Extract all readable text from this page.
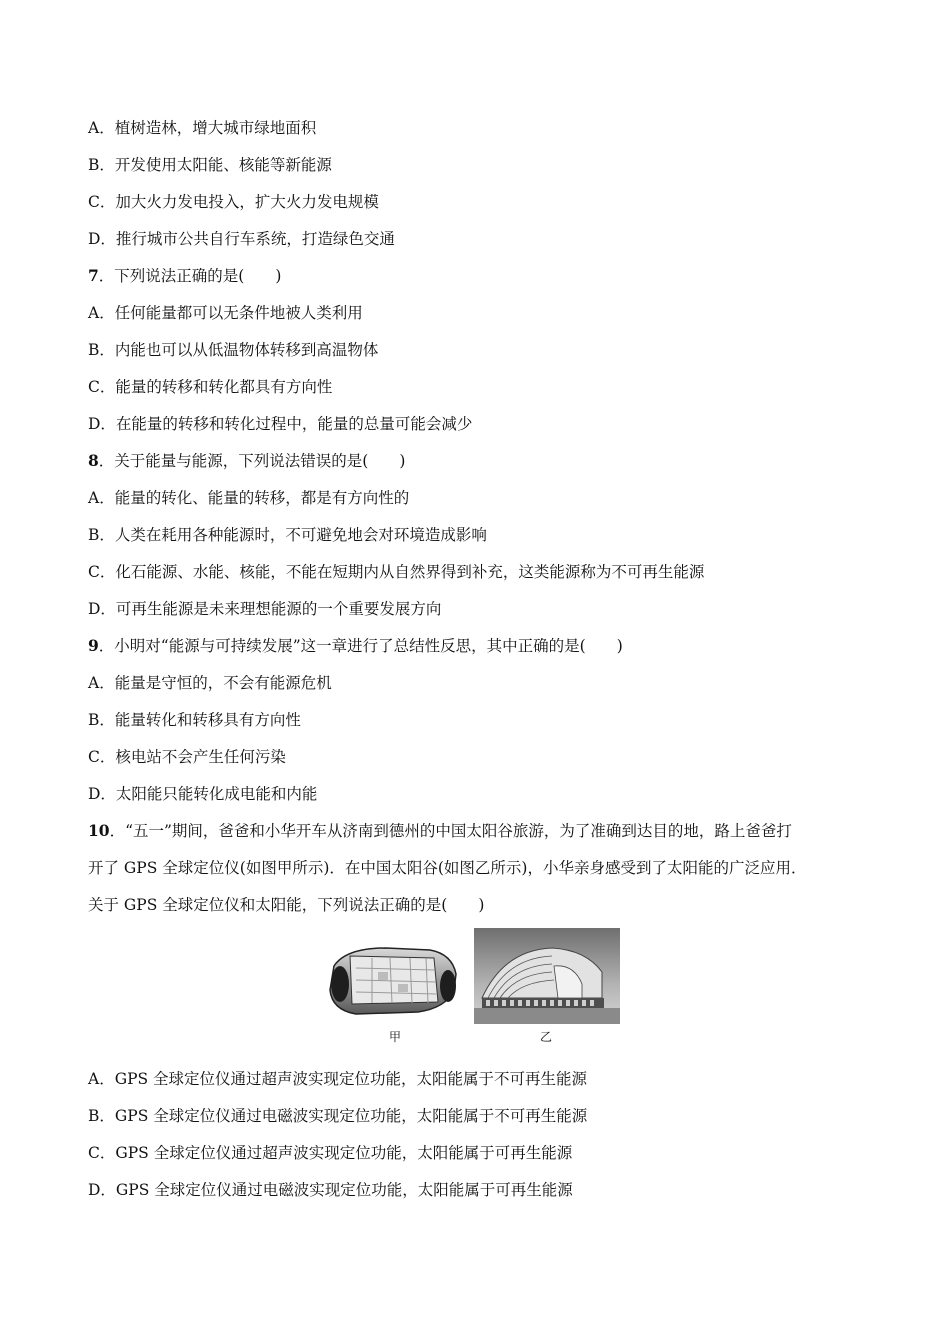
A．植树造林，增大城市绿地面积
B．开发使用太阳能、核能等新能源
C．加大火力发电投入，扩大火力发电规模
D．推行城市公共自行车系统，打造绿色交通
7．下列说法正确的是(　　)
A．任何能量都可以无条件地被人类利用
B．内能也可以从低温物体转移到高温物体
C．能量的转移和转化都具有方向性
D．在能量的转移和转化过程中，能量的总量可能会减少
8．关于能量与能源，下列说法错误的是(　　)
A．能量的转化、能量的转移，都是有方向性的
B．人类在耗用各种能源时，不可避免地会对环境造成影响
C．化石能源、水能、核能，不能在短期内从自然界得到补充，这类能源称为不可再生能源
D．可再生能源是未来理想能源的一个重要发展方向
9．小明对“能源与可持续发展”这一章进行了总结性反思，其中正确的是(　　)
A．能量是守恒的，不会有能源危机
B．能量转化和转移具有方向性
C．核电站不会产生任何污染
D．太阳能只能转化成电能和内能
10．“五一”期间，爸爸和小华开车从济南到德州的中国太阳谷旅游，为了准确到达目的地，路上爸爸打
开了 GPS 全球定位仪(如图甲所示)．在中国太阳谷(如图乙所示)，小华亲身感受到了太阳能的广泛应用．
关于 GPS 全球定位仪和太阳能，下列说法正确的是(　　)
甲	乙
A．GPS 全球定位仪通过超声波实现定位功能，太阳能属于不可再生能源
B．GPS 全球定位仪通过电磁波实现定位功能，太阳能属于不可再生能源
C．GPS 全球定位仪通过超声波实现定位功能，太阳能属于可再生能源
D．GPS 全球定位仪通过电磁波实现定位功能，太阳能属于可再生能源
